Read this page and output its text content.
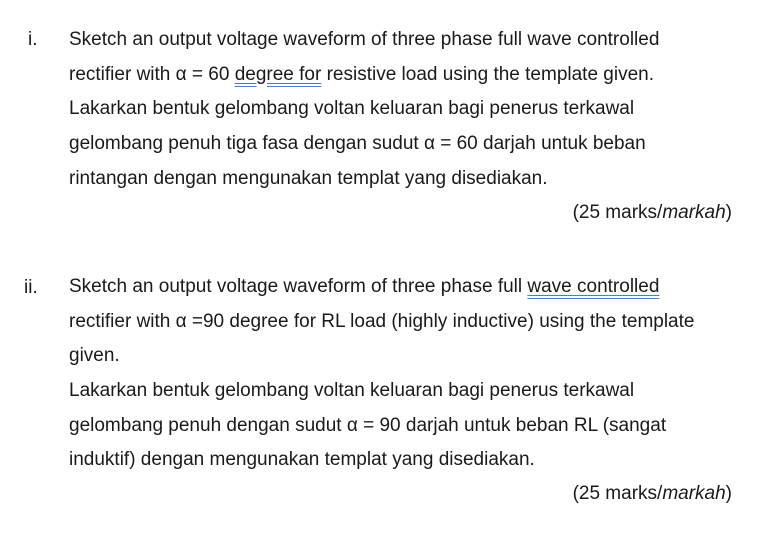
i. Sketch an output voltage waveform of three phase full wave controlled
rectifier with α = 60 degree for resistive load using the template given.
Lakarkan bentuk gelombang voltan keluaran bagi penerus terkawal
gelombang penuh tiga fasa dengan sudut α = 60 darjah untuk beban
rintangan dengan mengunakan templat yang disediakan.
(25 marks/markah)
ii. Sketch an output voltage waveform of three phase full wave controlled
rectifier with α =90 degree for RL load (highly inductive) using the template
given.
Lakarkan bentuk gelombang voltan keluaran bagi penerus terkawal
gelombang penuh dengan sudut α = 90 darjah untuk beban RL (sangat
induktif) dengan mengunakan templat yang disediakan.
(25 marks/markah)
